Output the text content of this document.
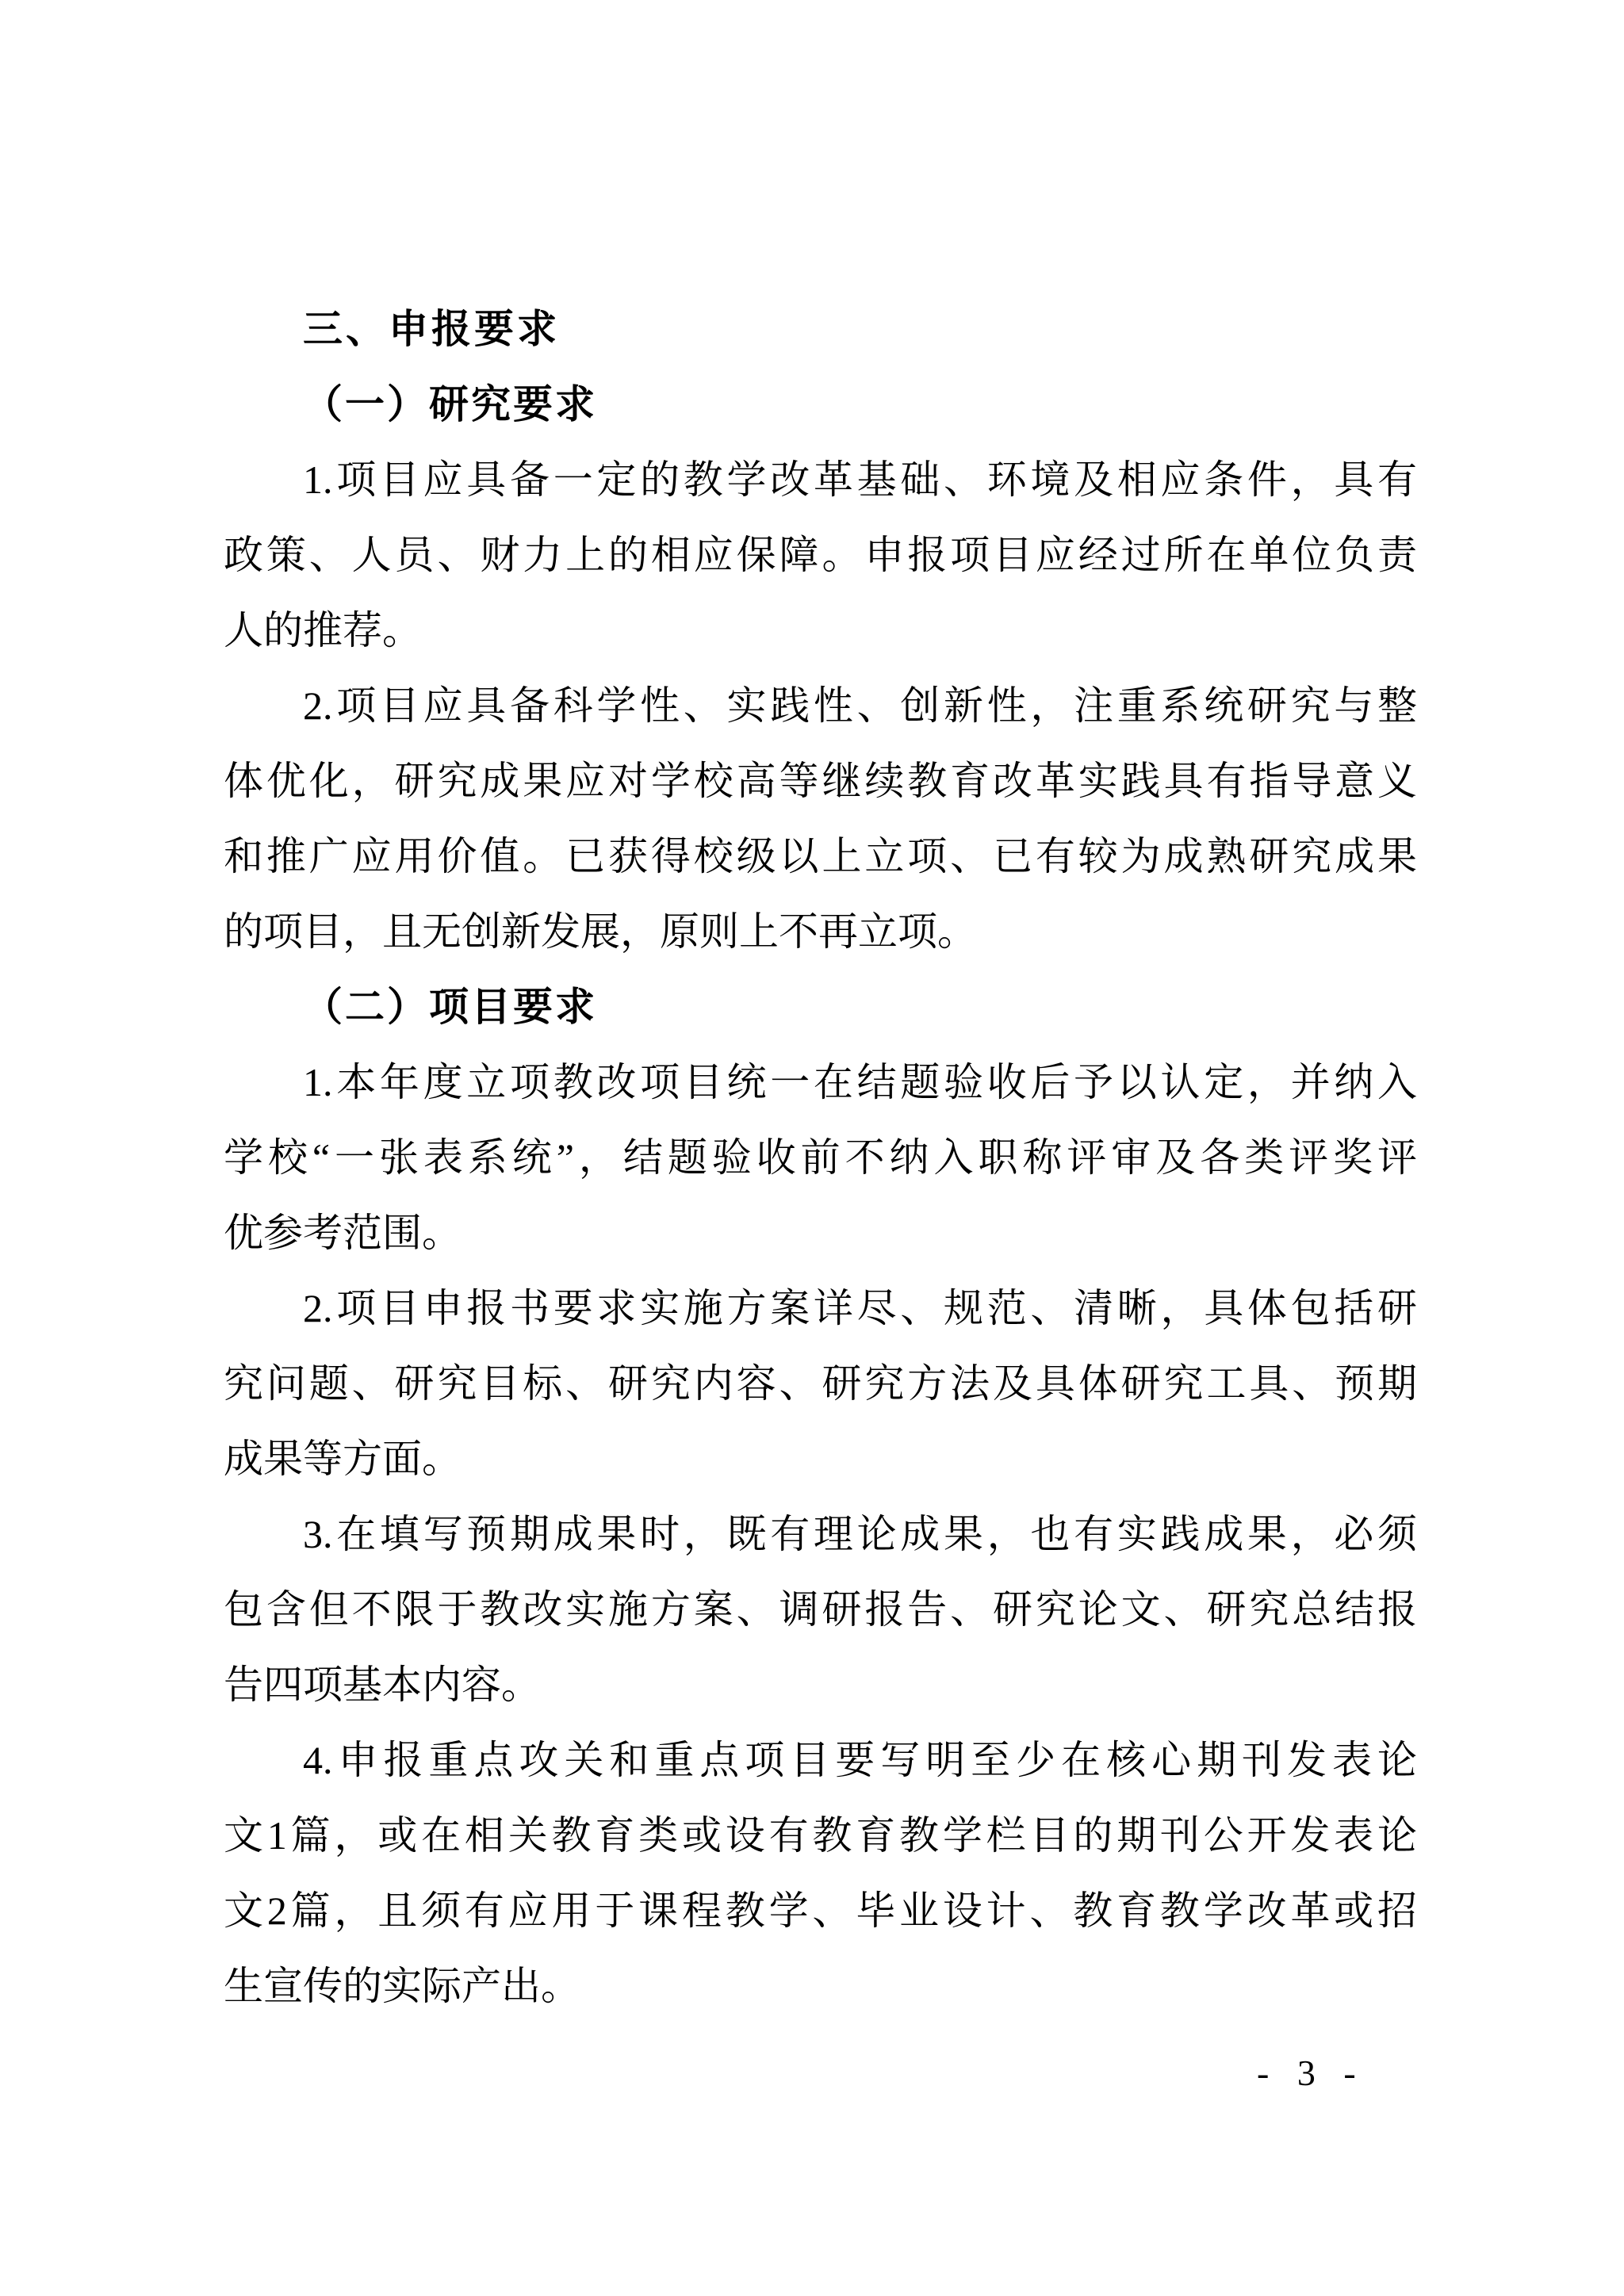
三、申报要求
（一）研究要求
1.项目应具备一定的教学改革基础、环境及相应条件，具有
政策、人员、财力上的相应保障。申报项目应经过所在单位负责
人的推荐。
2.项目应具备科学性、实践性、创新性，注重系统研究与整
体优化，研究成果应对学校高等继续教育改革实践具有指导意义
和推广应用价值。已获得校级以上立项、已有较为成熟研究成果
的项目，且无创新发展，原则上不再立项。
（二）项目要求
1.本年度立项教改项目统一在结题验收后予以认定，并纳入
学校“一张表系统”，结题验收前不纳入职称评审及各类评奖评
优参考范围。
2.项目申报书要求实施方案详尽、规范、清晰，具体包括研
究问题、研究目标、研究内容、研究方法及具体研究工具、预期
成果等方面。
3.在填写预期成果时，既有理论成果，也有实践成果，必须
包含但不限于教改实施方案、调研报告、研究论文、研究总结报
告四项基本内容。
4.申报重点攻关和重点项目要写明至少在核心期刊发表论
文1篇，或在相关教育类或设有教育教学栏目的期刊公开发表论
文2篇，且须有应用于课程教学、毕业设计、教育教学改革或招
生宣传的实际产出。
- 3 -
